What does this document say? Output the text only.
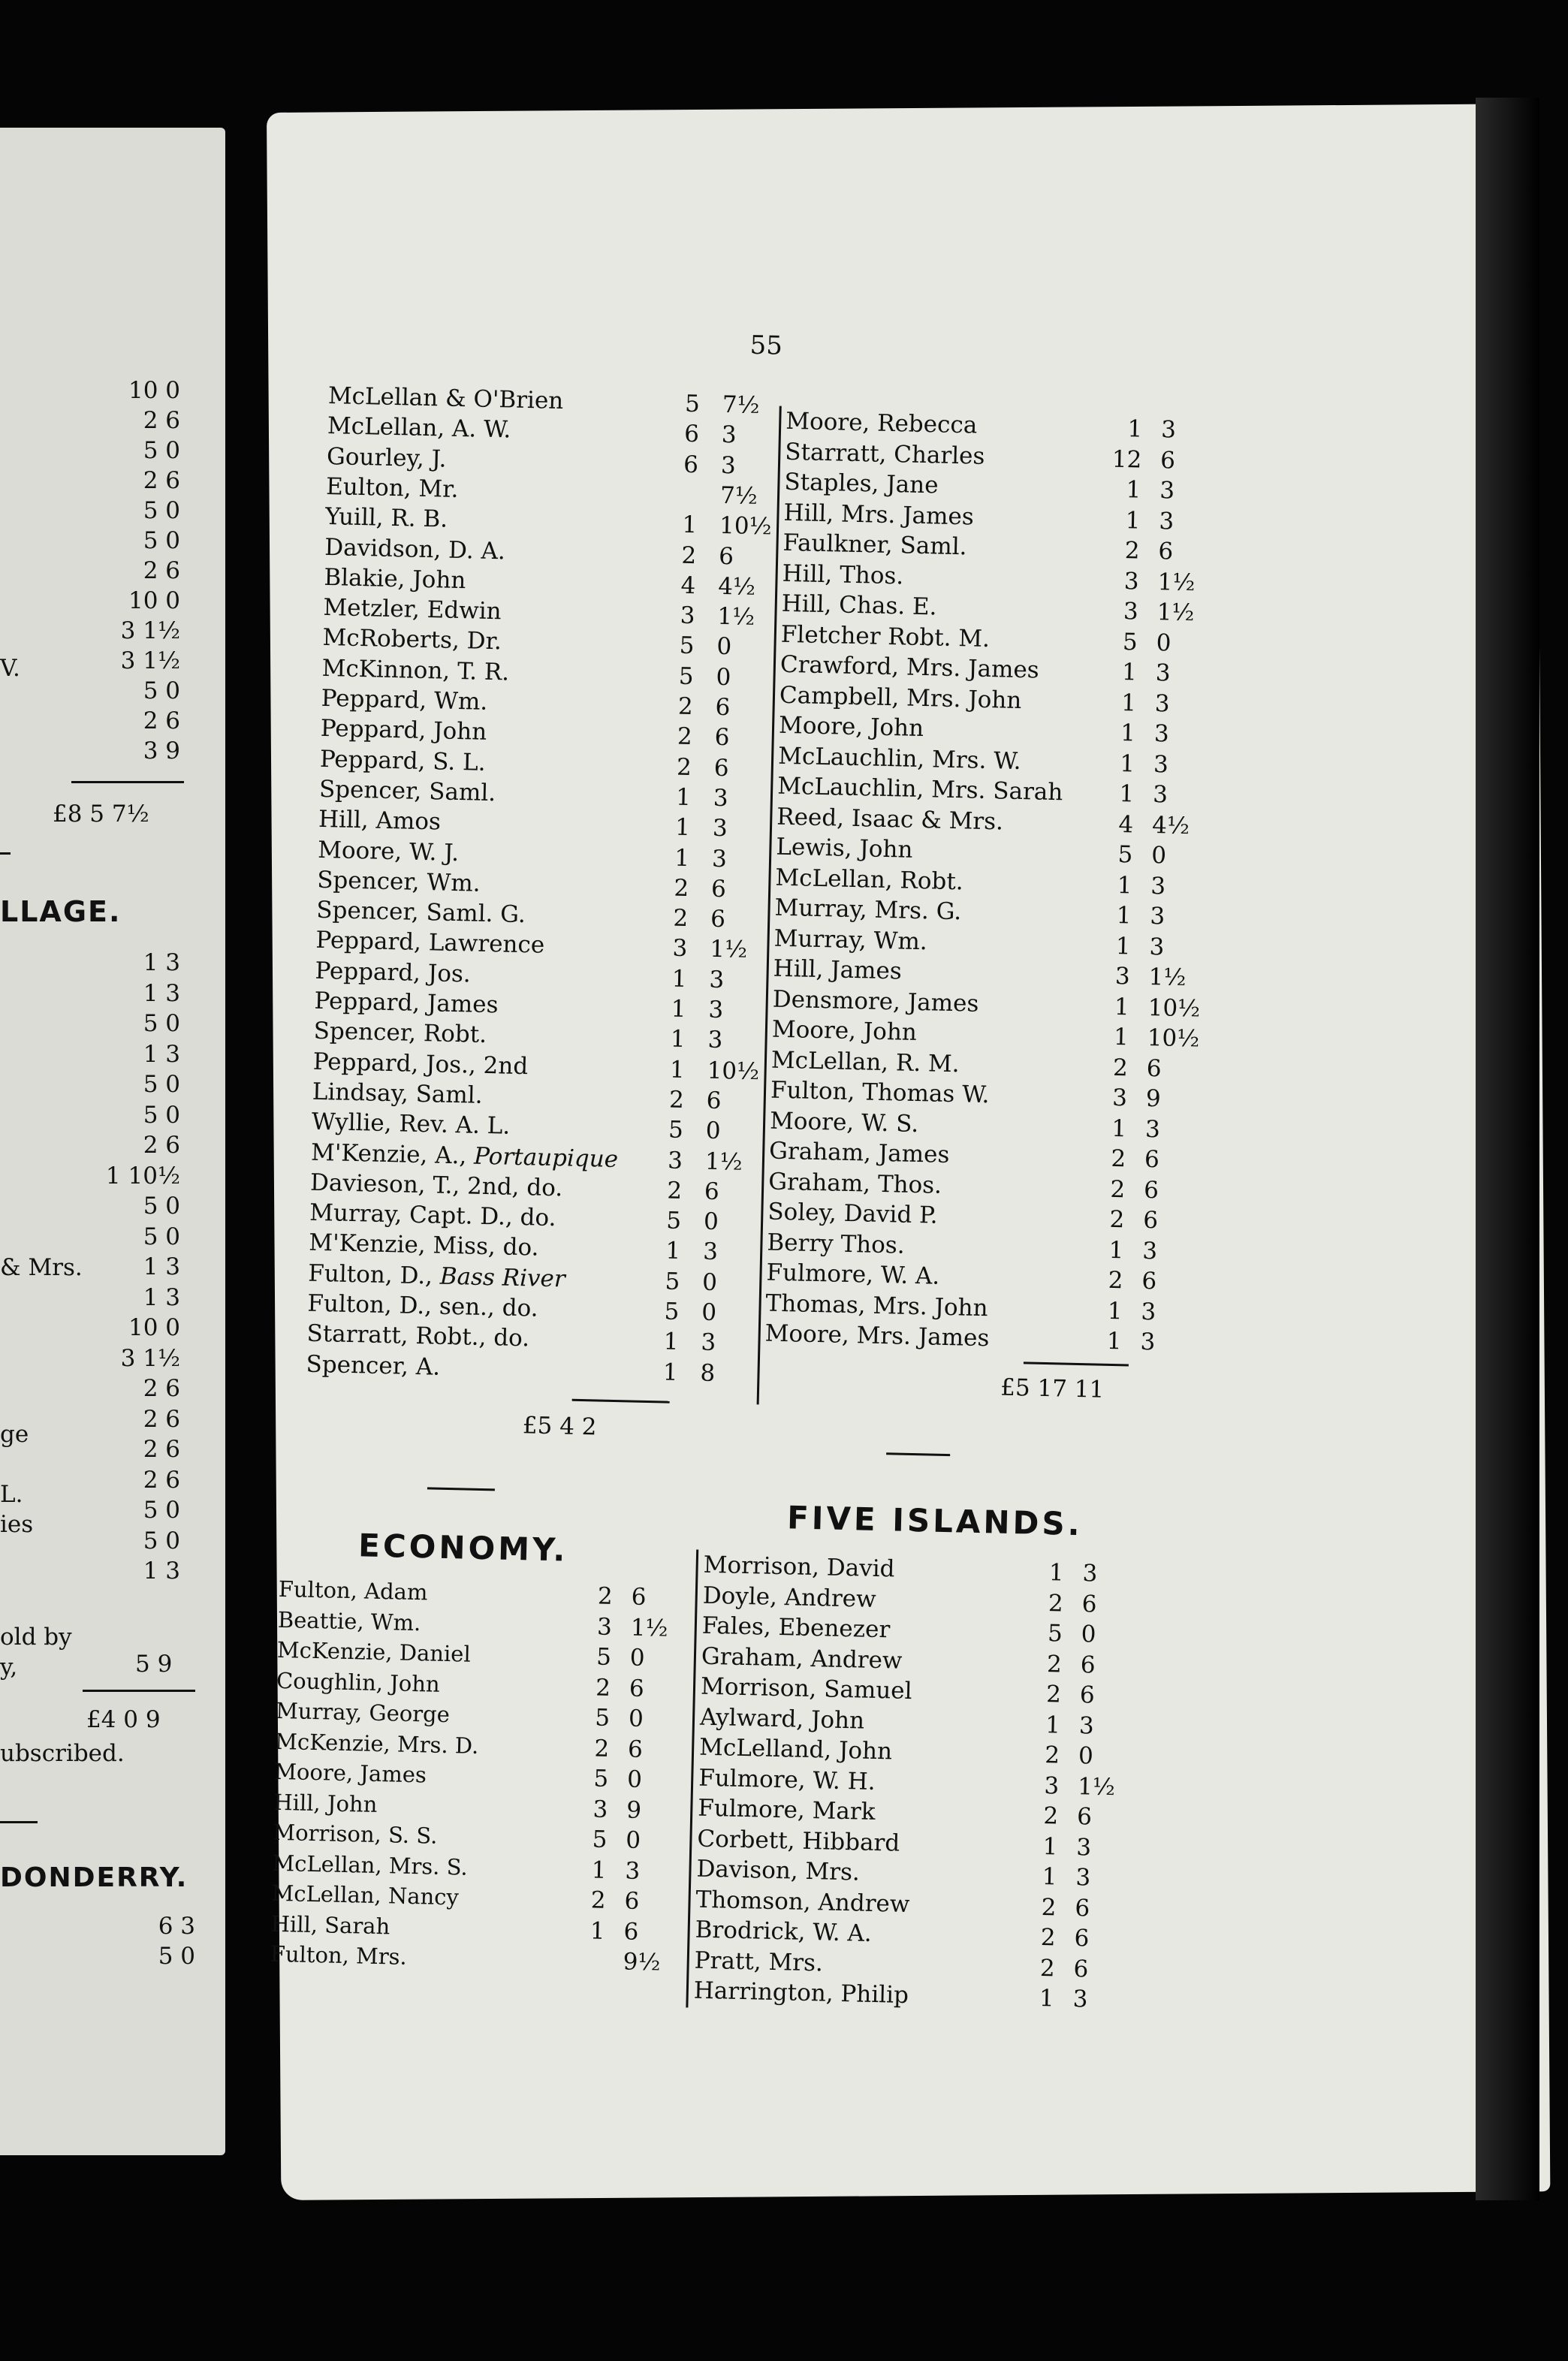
10 0
2 6
5 0
2 6
5 0
5 0
2 6
10 0
3 1½
3 1½
5 0
2 6
3 9
V.
£8 5 7½
LLAGE.
1 3
1 3
5 0
1 3
5 0
5 0
2 6
1 10½
5 0
5 0
1 3
1 3
10 0
3 1½
2 6
2 6
2 6
2 6
5 0
5 0
1 3
& Mrs.
ge
L.
ies
old by
y,	5 9
£4 0 9
ubscribed.
DONDERRY.
6 3
5 0
55
McLellan & O'Brien	5 7½
McLellan, A. W.	6 3
Gourley, J.	6 3
Eulton, Mr.	7½
Yuill, R. B.	1 10½
Davidson, D. A.	2 6
Blakie, John	4 4½
Metzler, Edwin	3 1½
McRoberts, Dr.	5 0
McKinnon, T. R.	5 0
Peppard, Wm.	2 6
Peppard, John	2 6
Peppard, S. L.	2 6
Spencer, Saml.	1 3
Hill, Amos	1 3
Moore, W. J.	1 3
Spencer, Wm.	2 6
Spencer, Saml. G.	2 6
Peppard, Lawrence	3 1½
Peppard, Jos.	1 3
Peppard, James	1 3
Spencer, Robt.	1 3
Peppard, Jos., 2nd	1 10½
Lindsay, Saml.	2 6
Wyllie, Rev. A. L.	5 0
M'Kenzie, A., Portaupique	3 1½
Davieson, T., 2nd, do.	2 6
Murray, Capt. D., do.	5 0
M'Kenzie, Miss, do.	1 3
Fulton, D., Bass River	5 0
Fulton, D., sen., do.	5 0
Starratt, Robt., do.	1 3
Spencer, A.	1 8
£5 4 2
Moore, Rebecca	1 3
Starratt, Charles	12 6
Staples, Jane	1 3
Hill, Mrs. James	1 3
Faulkner, Saml.	2 6
Hill, Thos.	3 1½
Hill, Chas. E.	3 1½
Fletcher Robt. M.	5 0
Crawford, Mrs. James	1 3
Campbell, Mrs. John	1 3
Moore, John	1 3
McLauchlin, Mrs. W.	1 3
McLauchlin, Mrs. Sarah	1 3
Reed, Isaac & Mrs.	4 4½
Lewis, John	5 0
McLellan, Robt.	1 3
Murray, Mrs. G.	1 3
Murray, Wm.	1 3
Hill, James	3 1½
Densmore, James	1 10½
Moore, John	1 10½
McLellan, R. M.	2 6
Fulton, Thomas W.	3 9
Moore, W. S.	1 3
Graham, James	2 6
Graham, Thos.	2 6
Soley, David P.	2 6
Berry Thos.	1 3
Fulmore, W. A.	2 6
Thomas, Mrs. John	1 3
Moore, Mrs. James	1 3
£5 17 11
ECONOMY.
Fulton, Adam	2 6
Beattie, Wm.	3 1½
McKenzie, Daniel	5 0
Coughlin, John	2 6
Murray, George	5 0
McKenzie, Mrs. D.	2 6
Moore, James	5 0
Hill, John	3 9
Morrison, S. S.	5 0
McLellan, Mrs. S.	1 3
McLellan, Nancy	2 6
Hill, Sarah	1 6
Fulton, Mrs.	9½
FIVE ISLANDS.
Morrison, David	1 3
Doyle, Andrew	2 6
Fales, Ebenezer	5 0
Graham, Andrew	2 6
Morrison, Samuel	2 6
Aylward, John	1 3
McLelland, John	2 0
Fulmore, W. H.	3 1½
Fulmore, Mark	2 6
Corbett, Hibbard	1 3
Davison, Mrs.	1 3
Thomson, Andrew	2 6
Brodrick, W. A.	2 6
Pratt, Mrs.	2 6
Harrington, Philip	1 3
